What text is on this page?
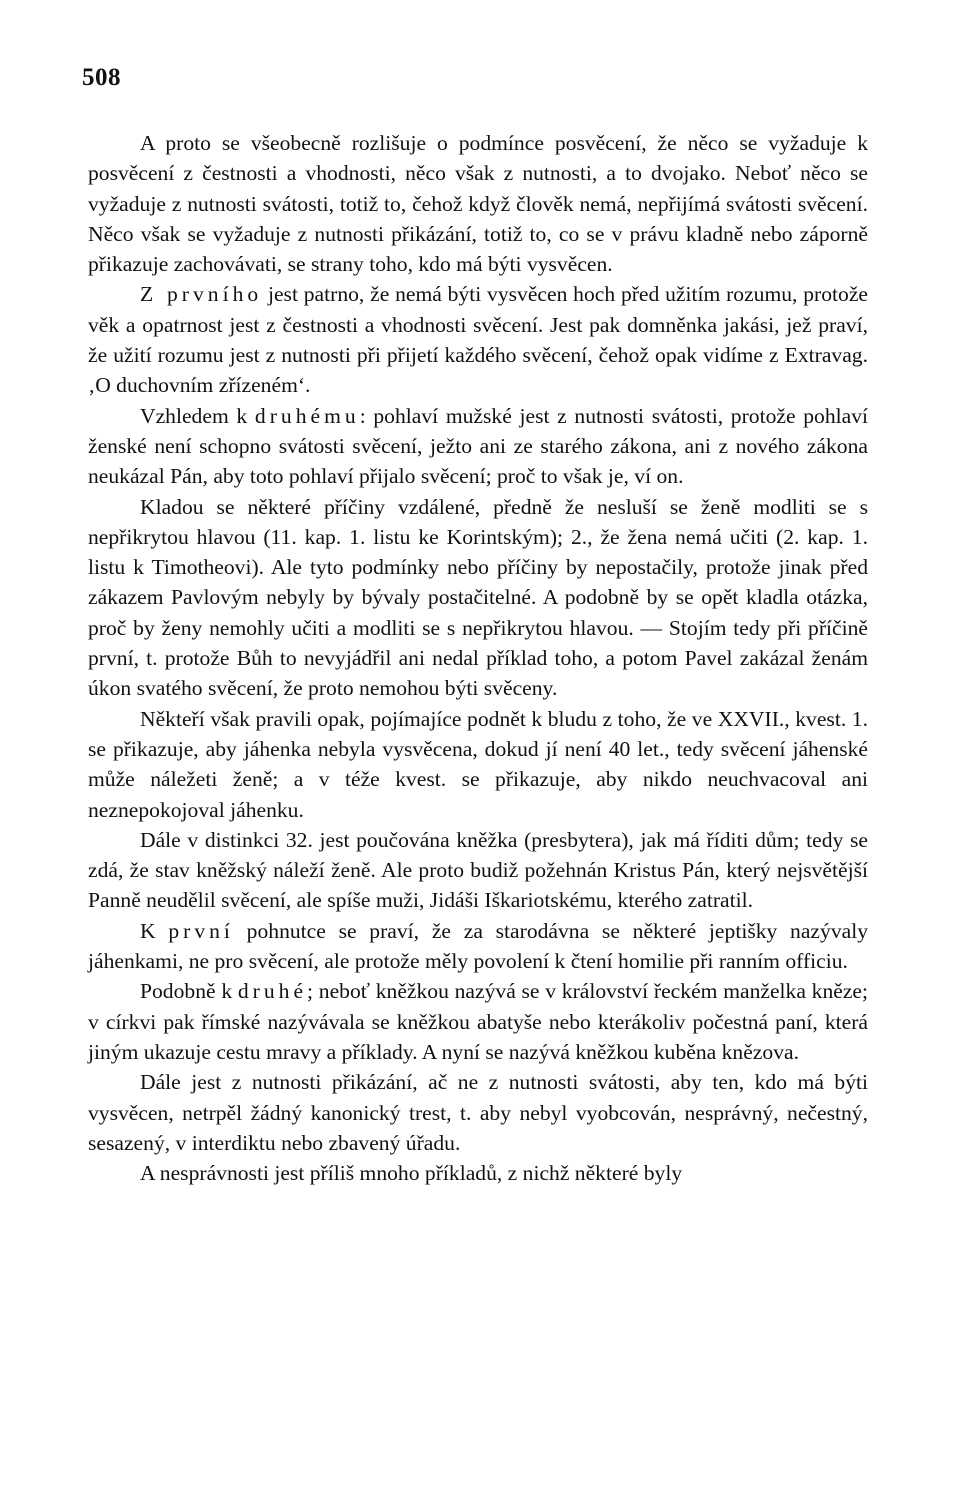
508

A proto se všeobecně rozlišuje o podmínce posvěcení, že něco se vyžaduje k posvěcení z čestnosti a vhodnosti, něco však z nutnosti, a to dvojako. Neboť něco se vyžaduje z nutnosti svátosti, totiž to, čehož když člověk nemá, nepřijímá svátosti svěcení. Něco však se vyžaduje z nutnosti přikázání, totiž to, co se v právu kladně nebo záporně přikazuje zachovávati, se strany toho, kdo má býti vysvěcen.

Z prvního jest patrno, že nemá býti vysvěcen hoch před užitím rozumu, protože věk a opatrnost jest z čestnosti a vhodnosti svěcení. Jest pak domněnka jakási, jež praví, že užití rozumu jest z nutnosti při přijetí každého svěcení, čehož opak vidíme z Extravag. ‚O duchovním zřízeném‘.

Vzhledem k druhému: pohlaví mužské jest z nutnosti svátosti, protože pohlaví ženské není schopno svátosti svěcení, ježto ani ze starého zákona, ani z nového zákona neukázal Pán, aby toto pohlaví přijalo svěcení; proč to však je, ví on.

Kladou se některé příčiny vzdálené, předně že nesluší se ženě modliti se s nepřikrytou hlavou (11. kap. 1. listu ke Korintským); 2., že žena nemá učiti (2. kap. 1. listu k Timotheovi). Ale tyto podmínky nebo příčiny by nepostačily, protože jinak před zákazem Pavlovým nebyly by bývaly postačitelné. A podobně by se opět kladla otázka, proč by ženy nemohly učiti a modliti se s nepřikrytou hlavou. — Stojím tedy při příčině první, t. protože Bůh to nevyjádřil ani nedal příklad toho, a potom Pavel zakázal ženám úkon svatého svěcení, že proto nemohou býti svěceny.

Někteří však pravili opak, pojímajíce podnět k bludu z toho, že ve XXVII., kvest. 1. se přikazuje, aby jáhenka nebyla vysvěcena, dokud jí není 40 let., tedy svěcení jáhenské může náležeti ženě; a v téže kvest. se přikazuje, aby nikdo neuchvacoval ani neznepokojoval jáhenku.

Dále v distinkci 32. jest poučována kněžka (presbytera), jak má říditi dům; tedy se zdá, že stav kněžský náleží ženě. Ale proto budiž požehnán Kristus Pán, který nejsvětější Panně neudělil svěcení, ale spíše muži, Jidáši Iškariotskému, kterého zatratil.

K první pohnutce se praví, že za starodávna se některé jeptišky nazývaly jáhenkami, ne pro svěcení, ale protože měly povolení k čtení homilie při ranním officiu.

Podobně k druhé; neboť kněžkou nazývá se v království řeckém manželka kněze; v církvi pak římské nazývávala se kněžkou abatyše nebo kterákoliv počestná paní, která jiným ukazuje cestu mravy a příklady. A nyní se nazývá kněžkou kuběna knězova.

Dále jest z nutnosti přikázání, ač ne z nutnosti svátosti, aby ten, kdo má býti vysvěcen, netrpěl žádný kanonický trest, t. aby nebyl vyobcován, nesprávný, nečestný, sesazený, v interdiktu nebo zbavený úřadu.

A nesprávnosti jest příliš mnoho příkladů, z nichž některé byly
